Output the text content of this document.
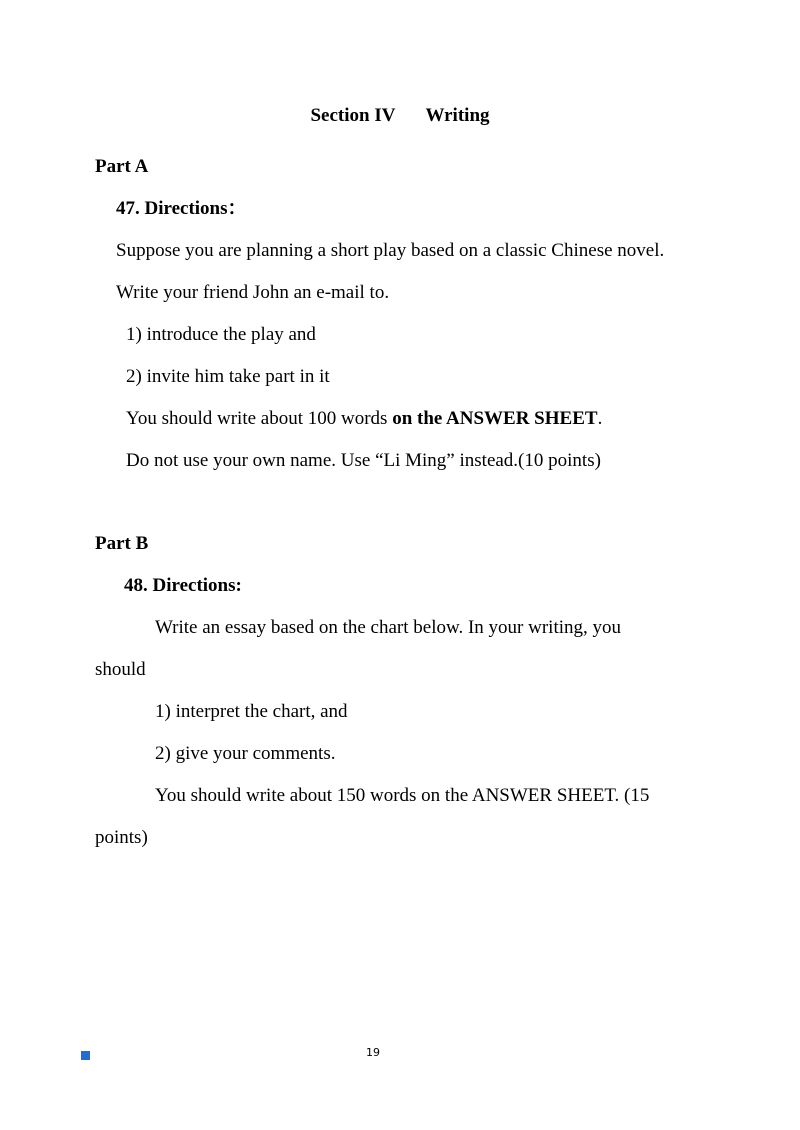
Section IV Writing
Part A
47. Directions：
Suppose you are planning a short play based on a classic Chinese novel.
Write your friend John an e-mail to.
1) introduce the play and
2) invite him take part in it
You should write about 100 words on the ANSWER SHEET.
Do not use your own name. Use “Li Ming” instead.(10 points)
Part B
48. Directions:
Write an essay based on the chart below. In your writing, you
should
1) interpret the chart, and
2) give your comments.
You should write about 150 words on the ANSWER SHEET. (15
points)
19
